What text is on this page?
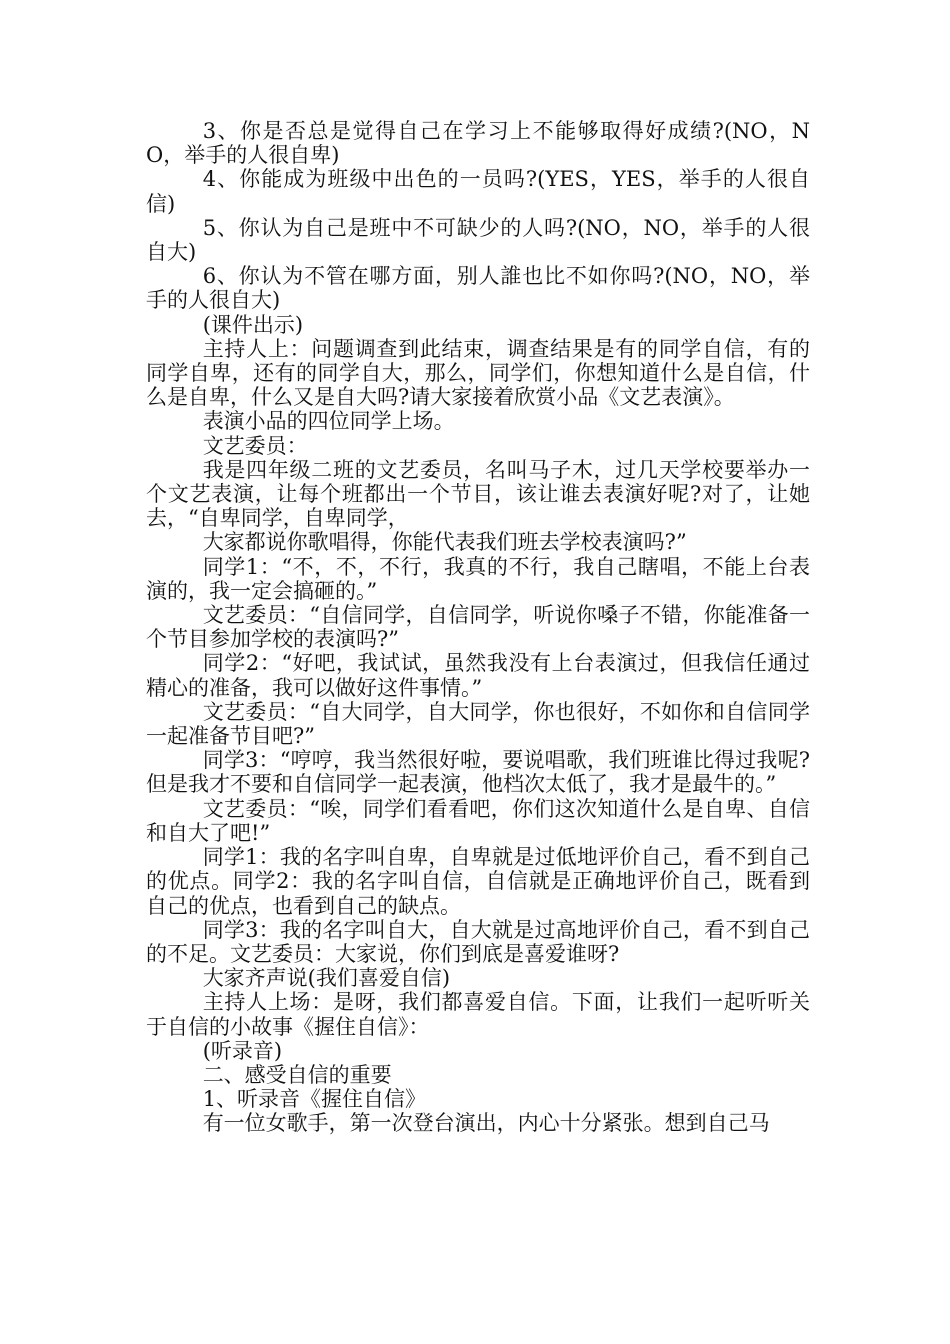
3、你是否总是觉得自己在学习上不能够取得好成绩?(NO，NO，举手的人很自卑)

4、你能成为班级中出色的一员吗?(YES，YES，举手的人很自信)

5、你认为自己是班中不可缺少的人吗?(NO，NO，举手的人很自大)

6、你认为不管在哪方面，别人誰也比不如你吗?(NO，NO，举手的人很自大)

(课件出示)

主持人上：问题调查到此结束，调查结果是有的同学自信，有的同学自卑，还有的同学自大，那么，同学们，你想知道什么是自信，什么是自卑，什么又是自大吗?请大家接着欣赏小品《文艺表演》。

表演小品的四位同学上场。

文艺委员：

我是四年级二班的文艺委员，名叫马子木，过几天学校要举办一个文艺表演，让每个班都出一个节目，该让谁去表演好呢?对了，让她去，“自卑同学，自卑同学，

大家都说你歌唱得，你能代表我们班去学校表演吗?”

同学1：“不，不，不行，我真的不行，我自己瞎唱，不能上台表演的，我一定会搞砸的。”

文艺委员：“自信同学，自信同学，听说你嗓子不错，你能准备一个节目参加学校的表演吗?”

同学2：“好吧，我试试，虽然我没有上台表演过，但我信任通过精心的准备，我可以做好这件事情。”

文艺委员：“自大同学，自大同学，你也很好，不如你和自信同学一起准备节目吧?”

同学3：“哼哼，我当然很好啦，要说唱歌，我们班谁比得过我呢?但是我才不要和自信同学一起表演，他档次太低了，我才是最牛的。”

文艺委员：“唉，同学们看看吧，你们这次知道什么是自卑、自信和自大了吧!”

同学1：我的名字叫自卑，自卑就是过低地评价自己，看不到自己的优点。同学2：我的名字叫自信，自信就是正确地评价自己，既看到自己的优点，也看到自己的缺点。

同学3：我的名字叫自大，自大就是过高地评价自己，看不到自己的不足。文艺委员：大家说，你们到底是喜爱谁呀?

大家齐声说(我们喜爱自信)

主持人上场：是呀，我们都喜爱自信。下面，让我们一起听听关于自信的小故事《握住自信》：

(听录音)

二、感受自信的重要

1、听录音《握住自信》

有一位女歌手，第一次登台演出，内心十分紧张。想到自己马
